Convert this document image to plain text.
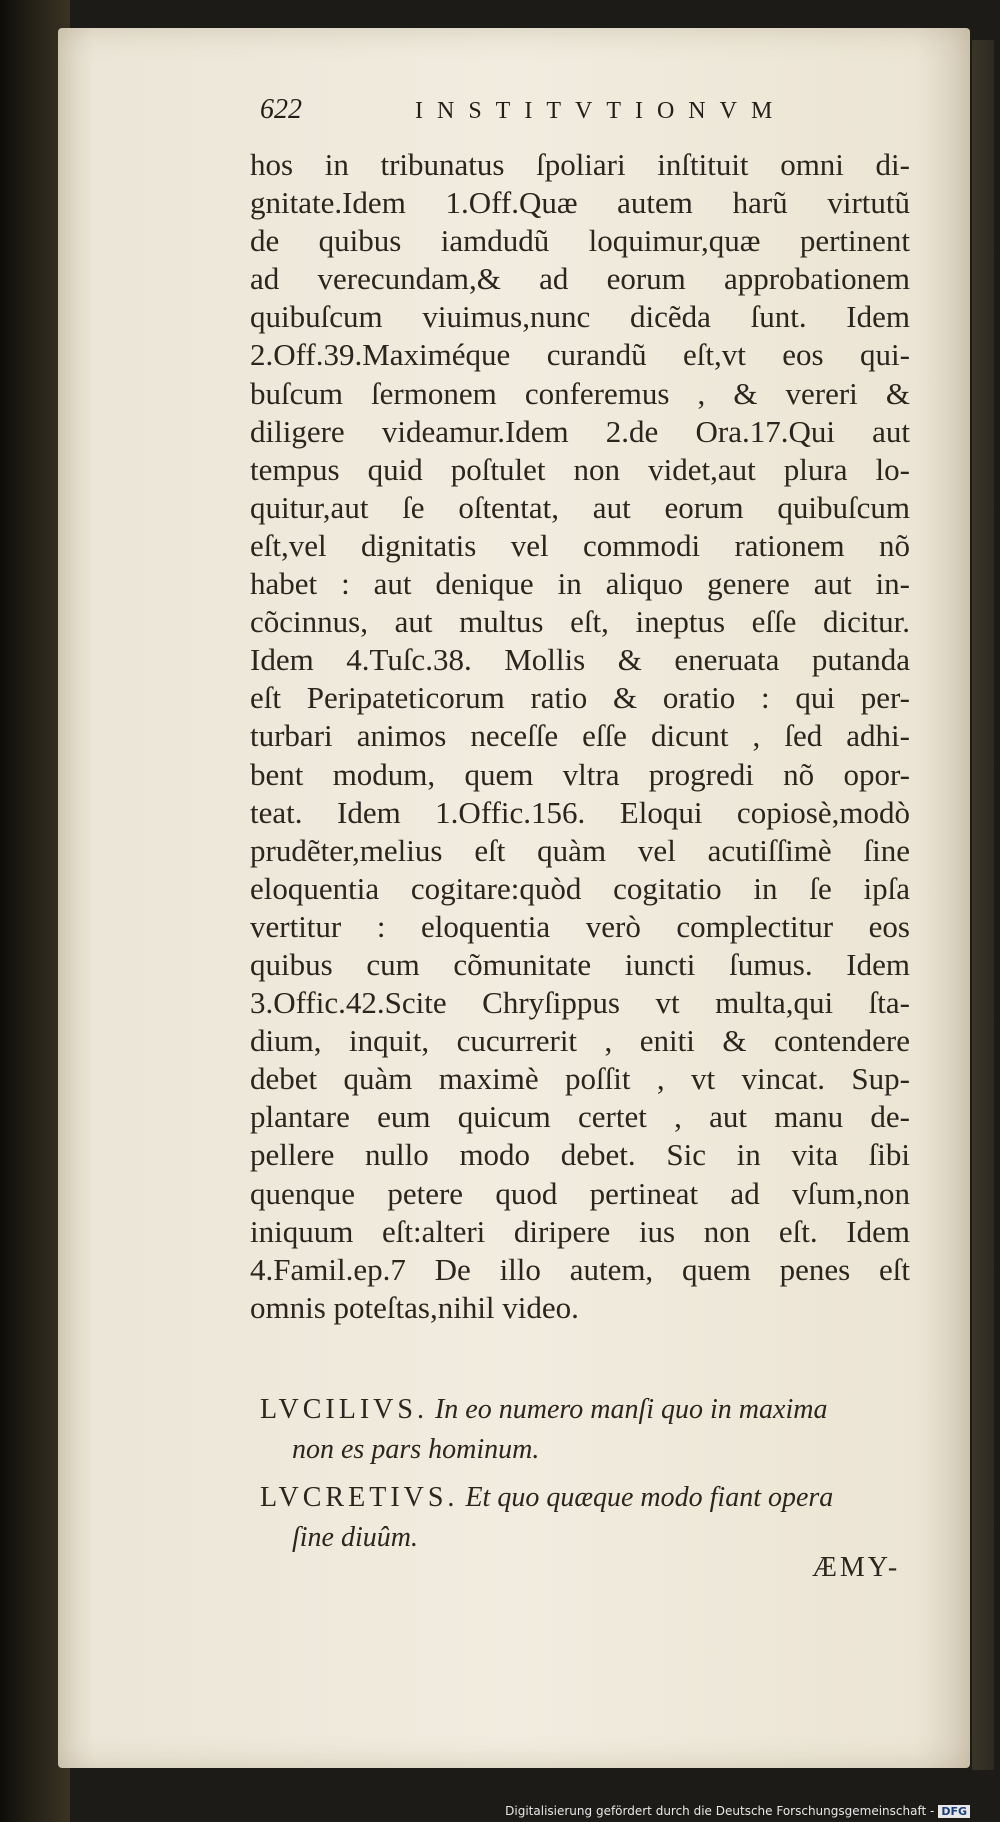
622	INSTITVTIONVM
hos in tribunatus ſpoliari inſtituit omni di-
gnitate.Idem 1.Off.Quæ autem harũ virtutũ
de quibus iamdudũ loquimur,quæ pertinent
ad verecundam,& ad eorum approbationem
quibuſcum viuimus,nunc dicẽda ſunt. Idem
2.Off.39.Maximéque curandũ eſt,vt eos qui-
buſcum ſermonem conferemus , & vereri &
diligere videamur.Idem 2.de Ora.17.Qui aut
tempus quid poſtulet non videt,aut plura lo-
quitur,aut ſe oſtentat, aut eorum quibuſcum
eſt,vel dignitatis vel commodi rationem nõ
habet : aut denique in aliquo genere aut in-
cõcinnus, aut multus eſt, ineptus eſſe dicitur.
Idem 4.Tuſc.38. Mollis & eneruata putanda
eſt Peripateticorum ratio & oratio : qui per-
turbari animos neceſſe eſſe dicunt , ſed adhi-
bent modum, quem vltra progredi nõ opor-
teat. Idem 1.Offic.156. Eloqui copiosè,modò
prudẽter,melius eſt quàm vel acutiſſimè ſine
eloquentia cogitare:quòd cogitatio in ſe ipſa
vertitur : eloquentia verò complectitur eos
quibus cum cõmunitate iuncti ſumus. Idem
3.Offic.42.Scite Chryſippus vt multa,qui ſta-
dium, inquit, cucurrerit , eniti & contendere
debet quàm maximè poſſit , vt vincat. Sup-
plantare eum quicum certet , aut manu de-
pellere nullo modo debet. Sic in vita ſibi
quenque petere quod pertineat ad vſum,non
iniquum eſt:alteri diripere ius non eſt. Idem
4.Famil.ep.7 De illo autem, quem penes eſt
omnis poteſtas,nihil video.
LVCILIVS. In eo numero manſi quo in maxima
non es pars hominum.
LVCRETIVS. Et quo quæque modo fiant opera
ſine diuûm.
ÆMY-
Digitalisierung gefördert durch die Deutsche Forschungsgemeinschaft - DFG
